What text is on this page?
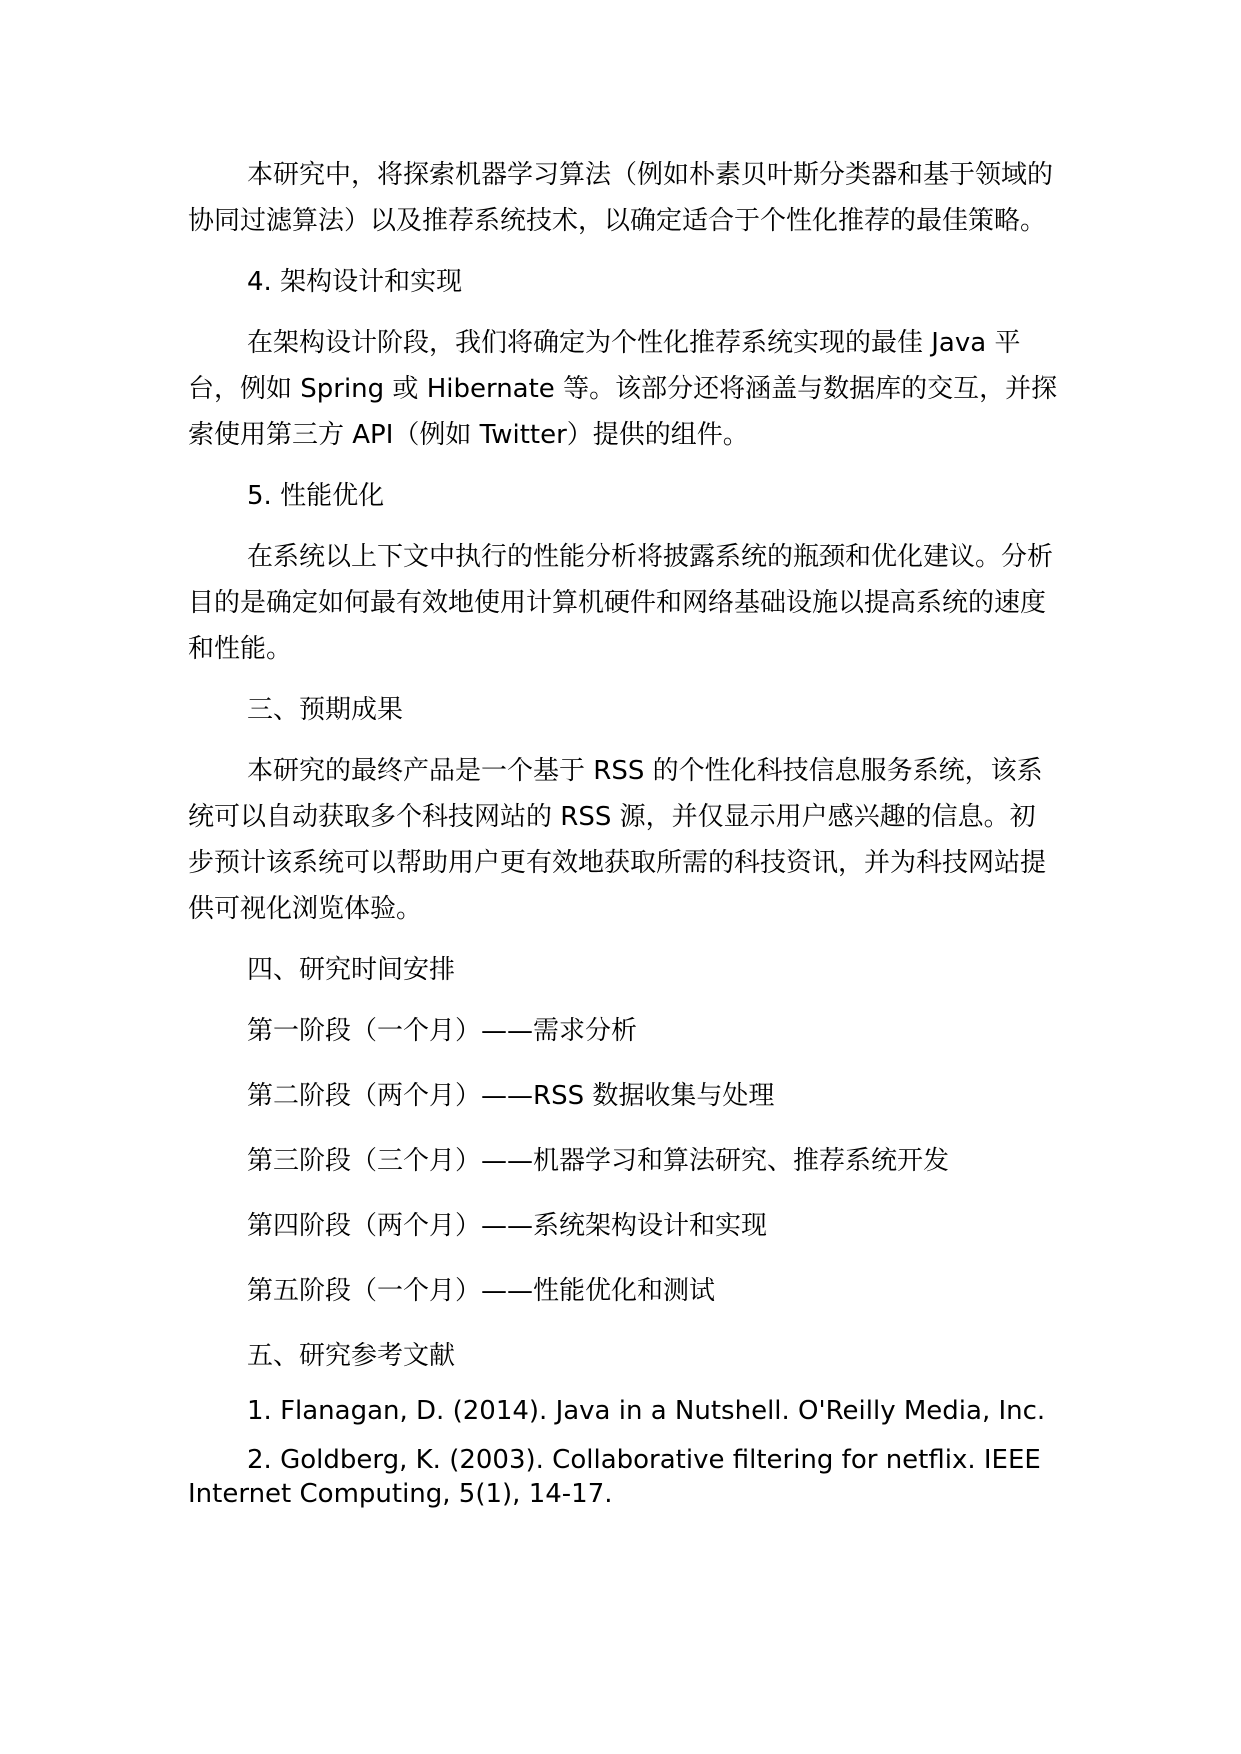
本研究中，将探索机器学习算法（例如朴素贝叶斯分类器和基于领域的协同过滤算法）以及推荐系统技术，以确定适合于个性化推荐的最佳策略。

4. 架构设计和实现

在架构设计阶段，我们将确定为个性化推荐系统实现的最佳 Java 平台，例如 Spring 或 Hibernate 等。该部分还将涵盖与数据库的交互，并探索使用第三方 API（例如 Twitter）提供的组件。

5. 性能优化

在系统以上下文中执行的性能分析将披露系统的瓶颈和优化建议。分析目的是确定如何最有效地使用计算机硬件和网络基础设施以提高系统的速度和性能。

三、预期成果

本研究的最终产品是一个基于 RSS 的个性化科技信息服务系统，该系统可以自动获取多个科技网站的 RSS 源，并仅显示用户感兴趣的信息。初步预计该系统可以帮助用户更有效地获取所需的科技资讯，并为科技网站提供可视化浏览体验。

四、研究时间安排

第一阶段（一个月）——需求分析

第二阶段（两个月）——RSS 数据收集与处理

第三阶段（三个月）——机器学习和算法研究、推荐系统开发

第四阶段（两个月）——系统架构设计和实现

第五阶段（一个月）——性能优化和测试

五、研究参考文献

1. Flanagan, D. (2014). Java in a Nutshell. O'Reilly Media, Inc.

2. Goldberg, K. (2003). Collaborative filtering for netflix. IEEE Internet Computing, 5(1), 14-17.
